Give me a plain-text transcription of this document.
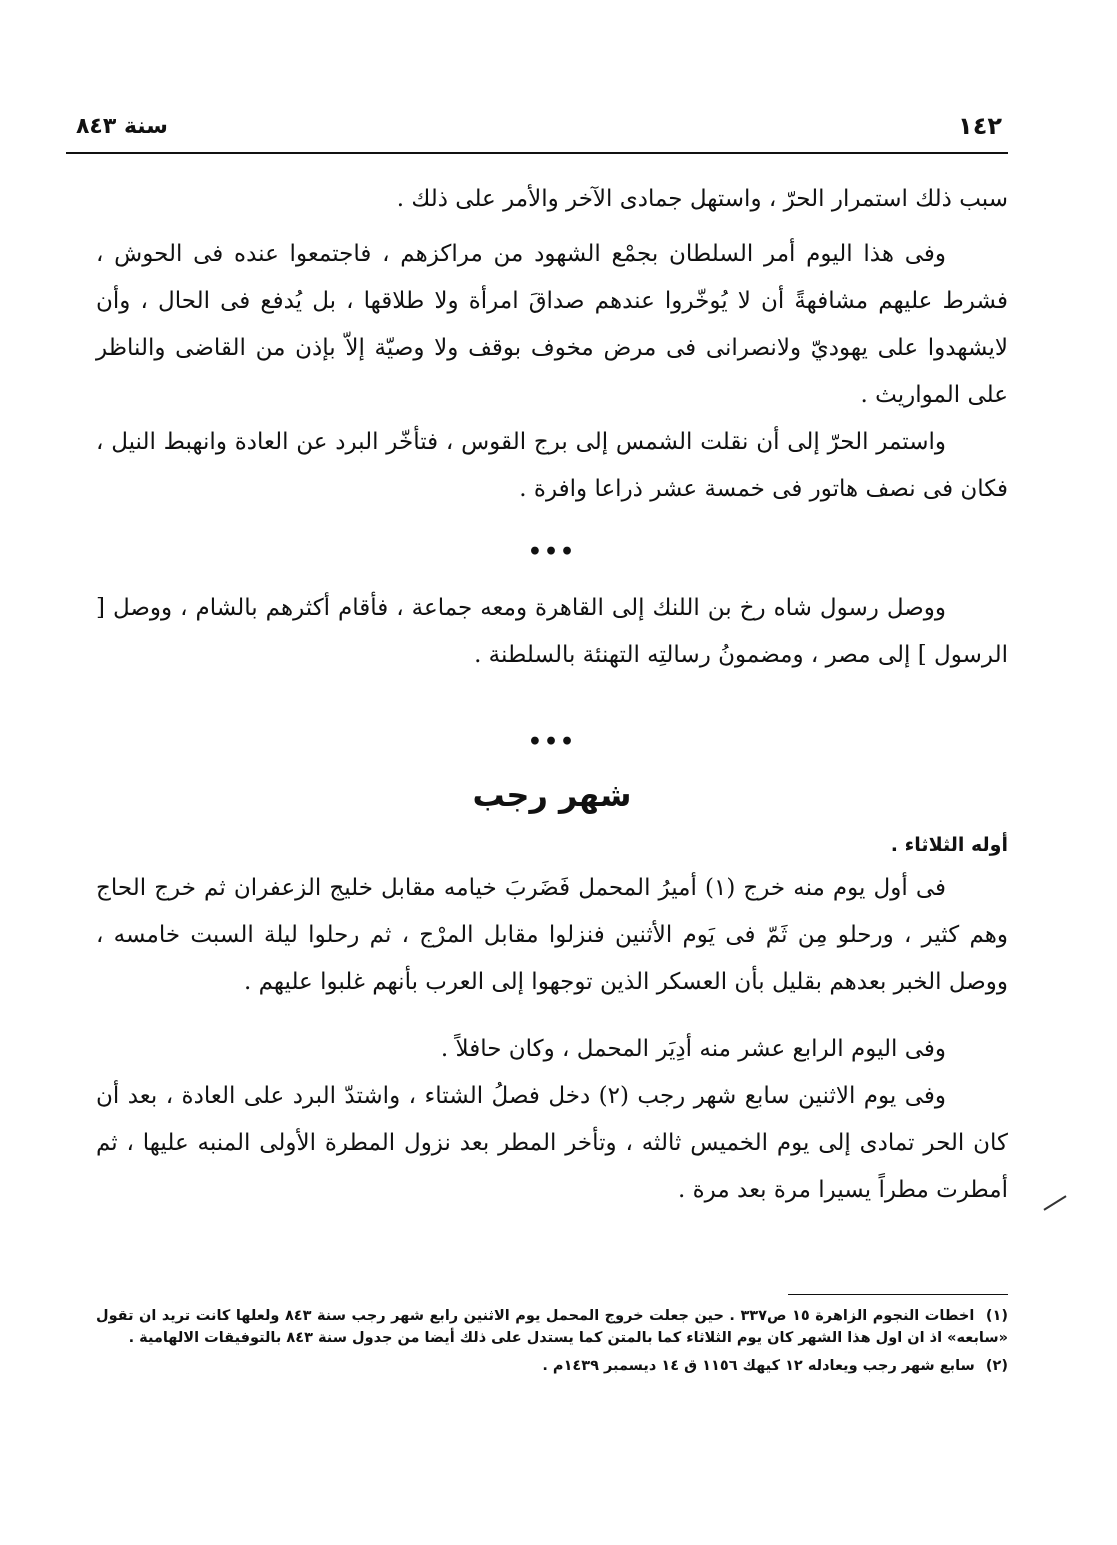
١٤٢
سنة ٨٤٣

سبب ذلك استمرار الحرّ ، واستهل جمادى الآخر والأمر على ذلك .

وفى هذا اليوم أمر السلطان بجمْع الشهود من مراكزهم ، فاجتمعوا عنده فى الحوش ، فشرط عليهم مشافهةً أن لا يُوخّروا عندهم صداقَ امرأة ولا طلاقها ، بل يُدفع فى الحال ، وأن لايشهدوا على يهوديّ ولانصرانى فى مرض مخوف بوقف ولا وصيّة إلاّ بإذن من القاضى والناظر على المواريث .

واستمر الحرّ إلى أن نقلت الشمس إلى برج القوس ، فتأخّر البرد عن العادة وانهبط النيل ، فكان فى نصف هاتور فى خمسة عشر ذراعا وافرة .

•••

ووصل رسول شاه رخ بن اللنك إلى القاهرة ومعه جماعة ، فأقام أكثرهم بالشام ، ووصل [ الرسول ] إلى مصر ، ومضمونُ رسالتِه التهنئة بالسلطنة .

•••
شهر رجب

أوله الثلاثاء .

فى أول يوم منه خرج (١) أميرُ المحمل فَضَربَ خيامه مقابل خليج الزعفران ثم خرج الحاج وهم كثير ، ورحلو مِن ثَمّ فى يَوم الأثنين فنزلوا مقابل المرْج ، ثم رحلوا ليلة السبت خامسه ، ووصل الخبر بعدهم بقليل بأن العسكر الذين توجهوا إلى العرب بأنهم غلبوا عليهم .

وفى اليوم الرابع عشر منه أدِيَر المحمل ، وكان حافلاً .

وفى يوم الاثنين سابع شهر رجب (٢) دخل فصلُ الشتاء ، واشتدّ البرد على العادة ، بعد أن كان الحر تمادى إلى يوم الخميس ثالثه ، وتأخر المطر بعد نزول المطرة الأولى المنبه عليها ، ثم أمطرت مطراً يسيرا مرة بعد مرة .

(١) اخطات النجوم الزاهرة ١٥ ص٣٣٧ . حين جعلت خروج المحمل يوم الاثنين رابع شهر رجب سنة ٨٤٣ ولعلها كانت تريد ان تقول «سابعه» اذ ان اول هذا الشهر كان يوم الثلاثاء كما بالمتن كما يستدل على ذلك أيضا من جدول سنة ٨٤٣ بالتوفيقات الالهامية .

(٢) سابع شهر رجب ويعادله ١٢ كيهك ١١٥٦ ق ١٤ ديسمبر ١٤٣٩م .
